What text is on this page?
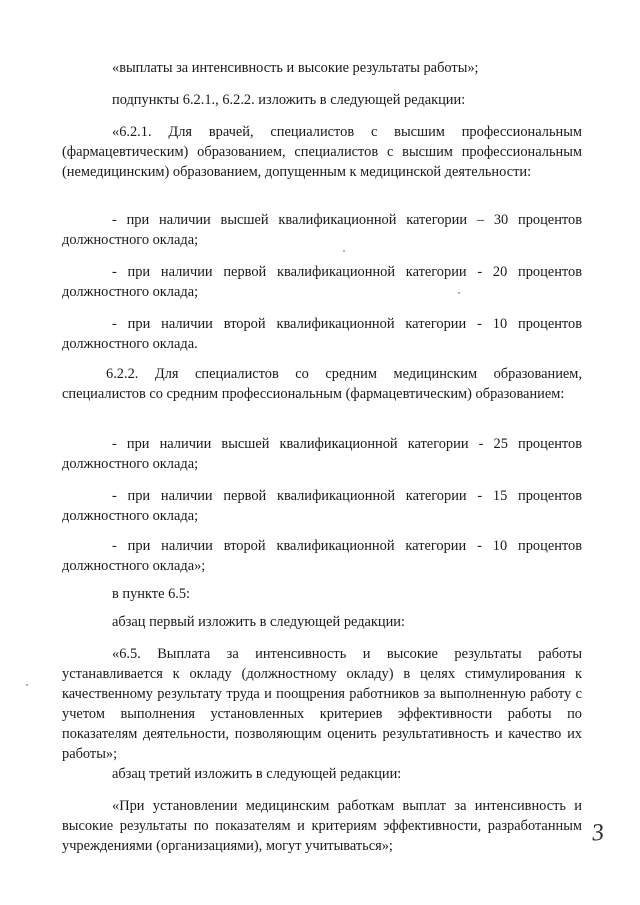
«выплаты за интенсивность и высокие результаты работы»;

подпункты 6.2.1., 6.2.2. изложить в следующей редакции:

«6.2.1. Для врачей, специалистов с высшим профессиональным (фармацевтическим) образованием, специалистов с высшим профессиональным (немедицинским) образованием, допущенным к медицинской деятельности:

- при наличии высшей квалификационной категории – 30 процентов должностного оклада;

- при наличии первой квалификационной категории - 20 процентов должностного оклада;

- при наличии второй квалификационной категории - 10 процентов должностного оклада.

6.2.2. Для специалистов со средним медицинским образованием, специалистов со средним профессиональным (фармацевтическим) образованием:

- при наличии высшей квалификационной категории - 25 процентов должностного оклада;

- при наличии первой квалификационной категории - 15 процентов должностного оклада;

- при наличии второй квалификационной категории - 10 процентов должностного оклада»;

в пункте 6.5:

абзац первый изложить в следующей редакции:

«6.5. Выплата за интенсивность и высокие результаты работы устанавливается к окладу (должностному окладу) в целях стимулирования к качественному результату труда и поощрения работников за выполненную работу с учетом выполнения установленных критериев эффективности работы по показателям деятельности, позволяющим оценить результативность и качество их работы»;

абзац третий изложить в следующей редакции:

«При установлении медицинским работкам выплат за интенсивность и высокие результаты по показателям и критериям эффективности, разработанным учреждениями (организациями), могут учитываться»;	3
